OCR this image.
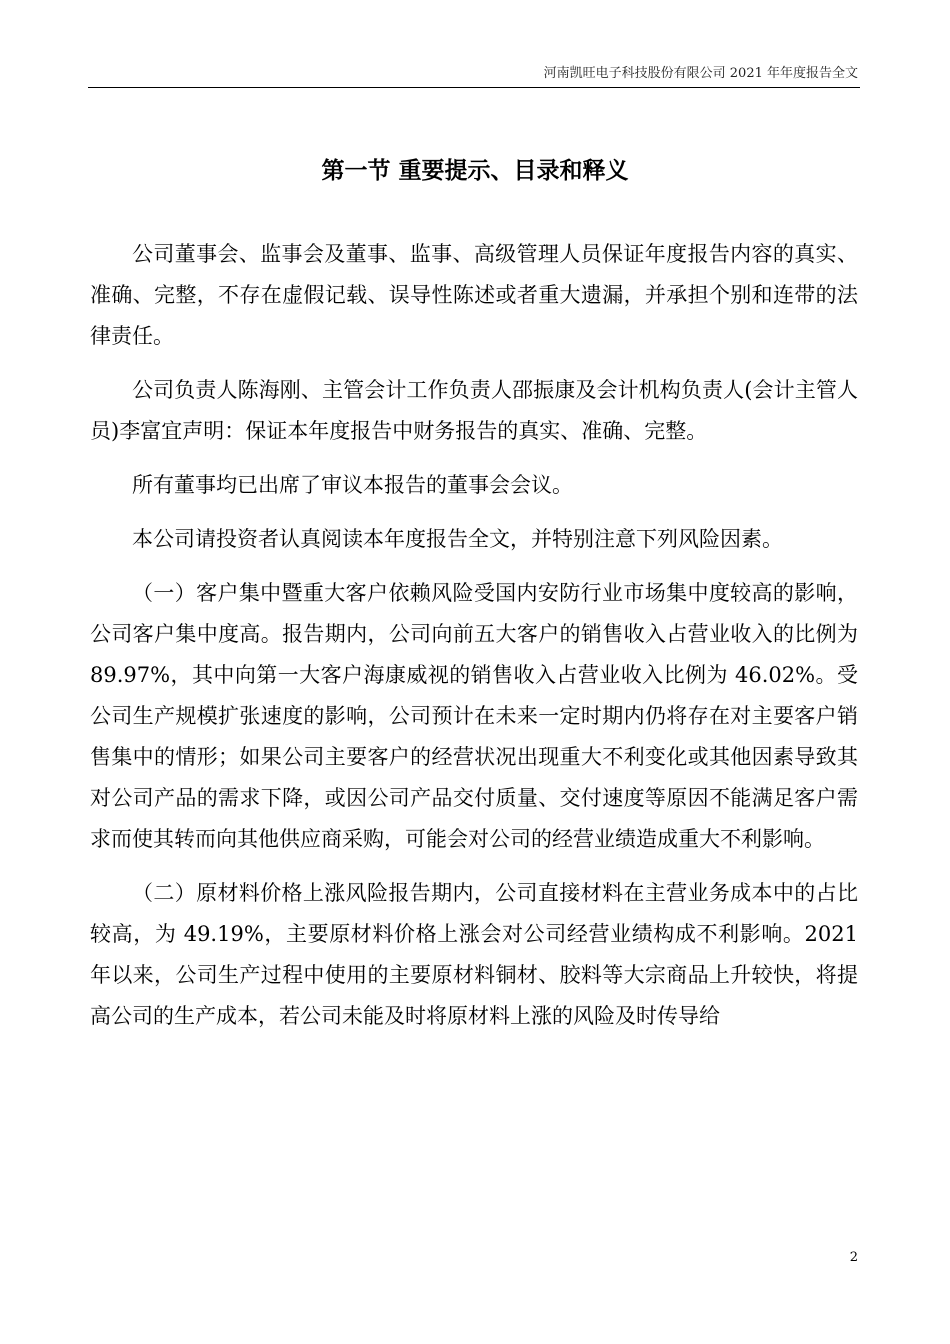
河南凯旺电子科技股份有限公司 2021 年年度报告全文
第一节 重要提示、目录和释义

公司董事会、监事会及董事、监事、高级管理人员保证年度报告内容的真实、准确、完整，不存在虚假记载、误导性陈述或者重大遗漏，并承担个别和连带的法律责任。

公司负责人陈海刚、主管会计工作负责人邵振康及会计机构负责人(会计主管人员)李富宜声明：保证本年度报告中财务报告的真实、准确、完整。

所有董事均已出席了审议本报告的董事会会议。

本公司请投资者认真阅读本年度报告全文，并特别注意下列风险因素。

（一）客户集中暨重大客户依赖风险受国内安防行业市场集中度较高的影响，公司客户集中度高。报告期内，公司向前五大客户的销售收入占营业收入的比例为 89.97%，其中向第一大客户海康威视的销售收入占营业收入比例为 46.02%。受公司生产规模扩张速度的影响，公司预计在未来一定时期内仍将存在对主要客户销售集中的情形；如果公司主要客户的经营状况出现重大不利变化或其他因素导致其对公司产品的需求下降，或因公司产品交付质量、交付速度等原因不能满足客户需求而使其转而向其他供应商采购，可能会对公司的经营业绩造成重大不利影响。

（二）原材料价格上涨风险报告期内，公司直接材料在主营业务成本中的占比较高，为 49.19%，主要原材料价格上涨会对公司经营业绩构成不利影响。2021 年以来，公司生产过程中使用的主要原材料铜材、胶料等大宗商品上升较快，将提高公司的生产成本，若公司未能及时将原材料上涨的风险及时传导给

2
